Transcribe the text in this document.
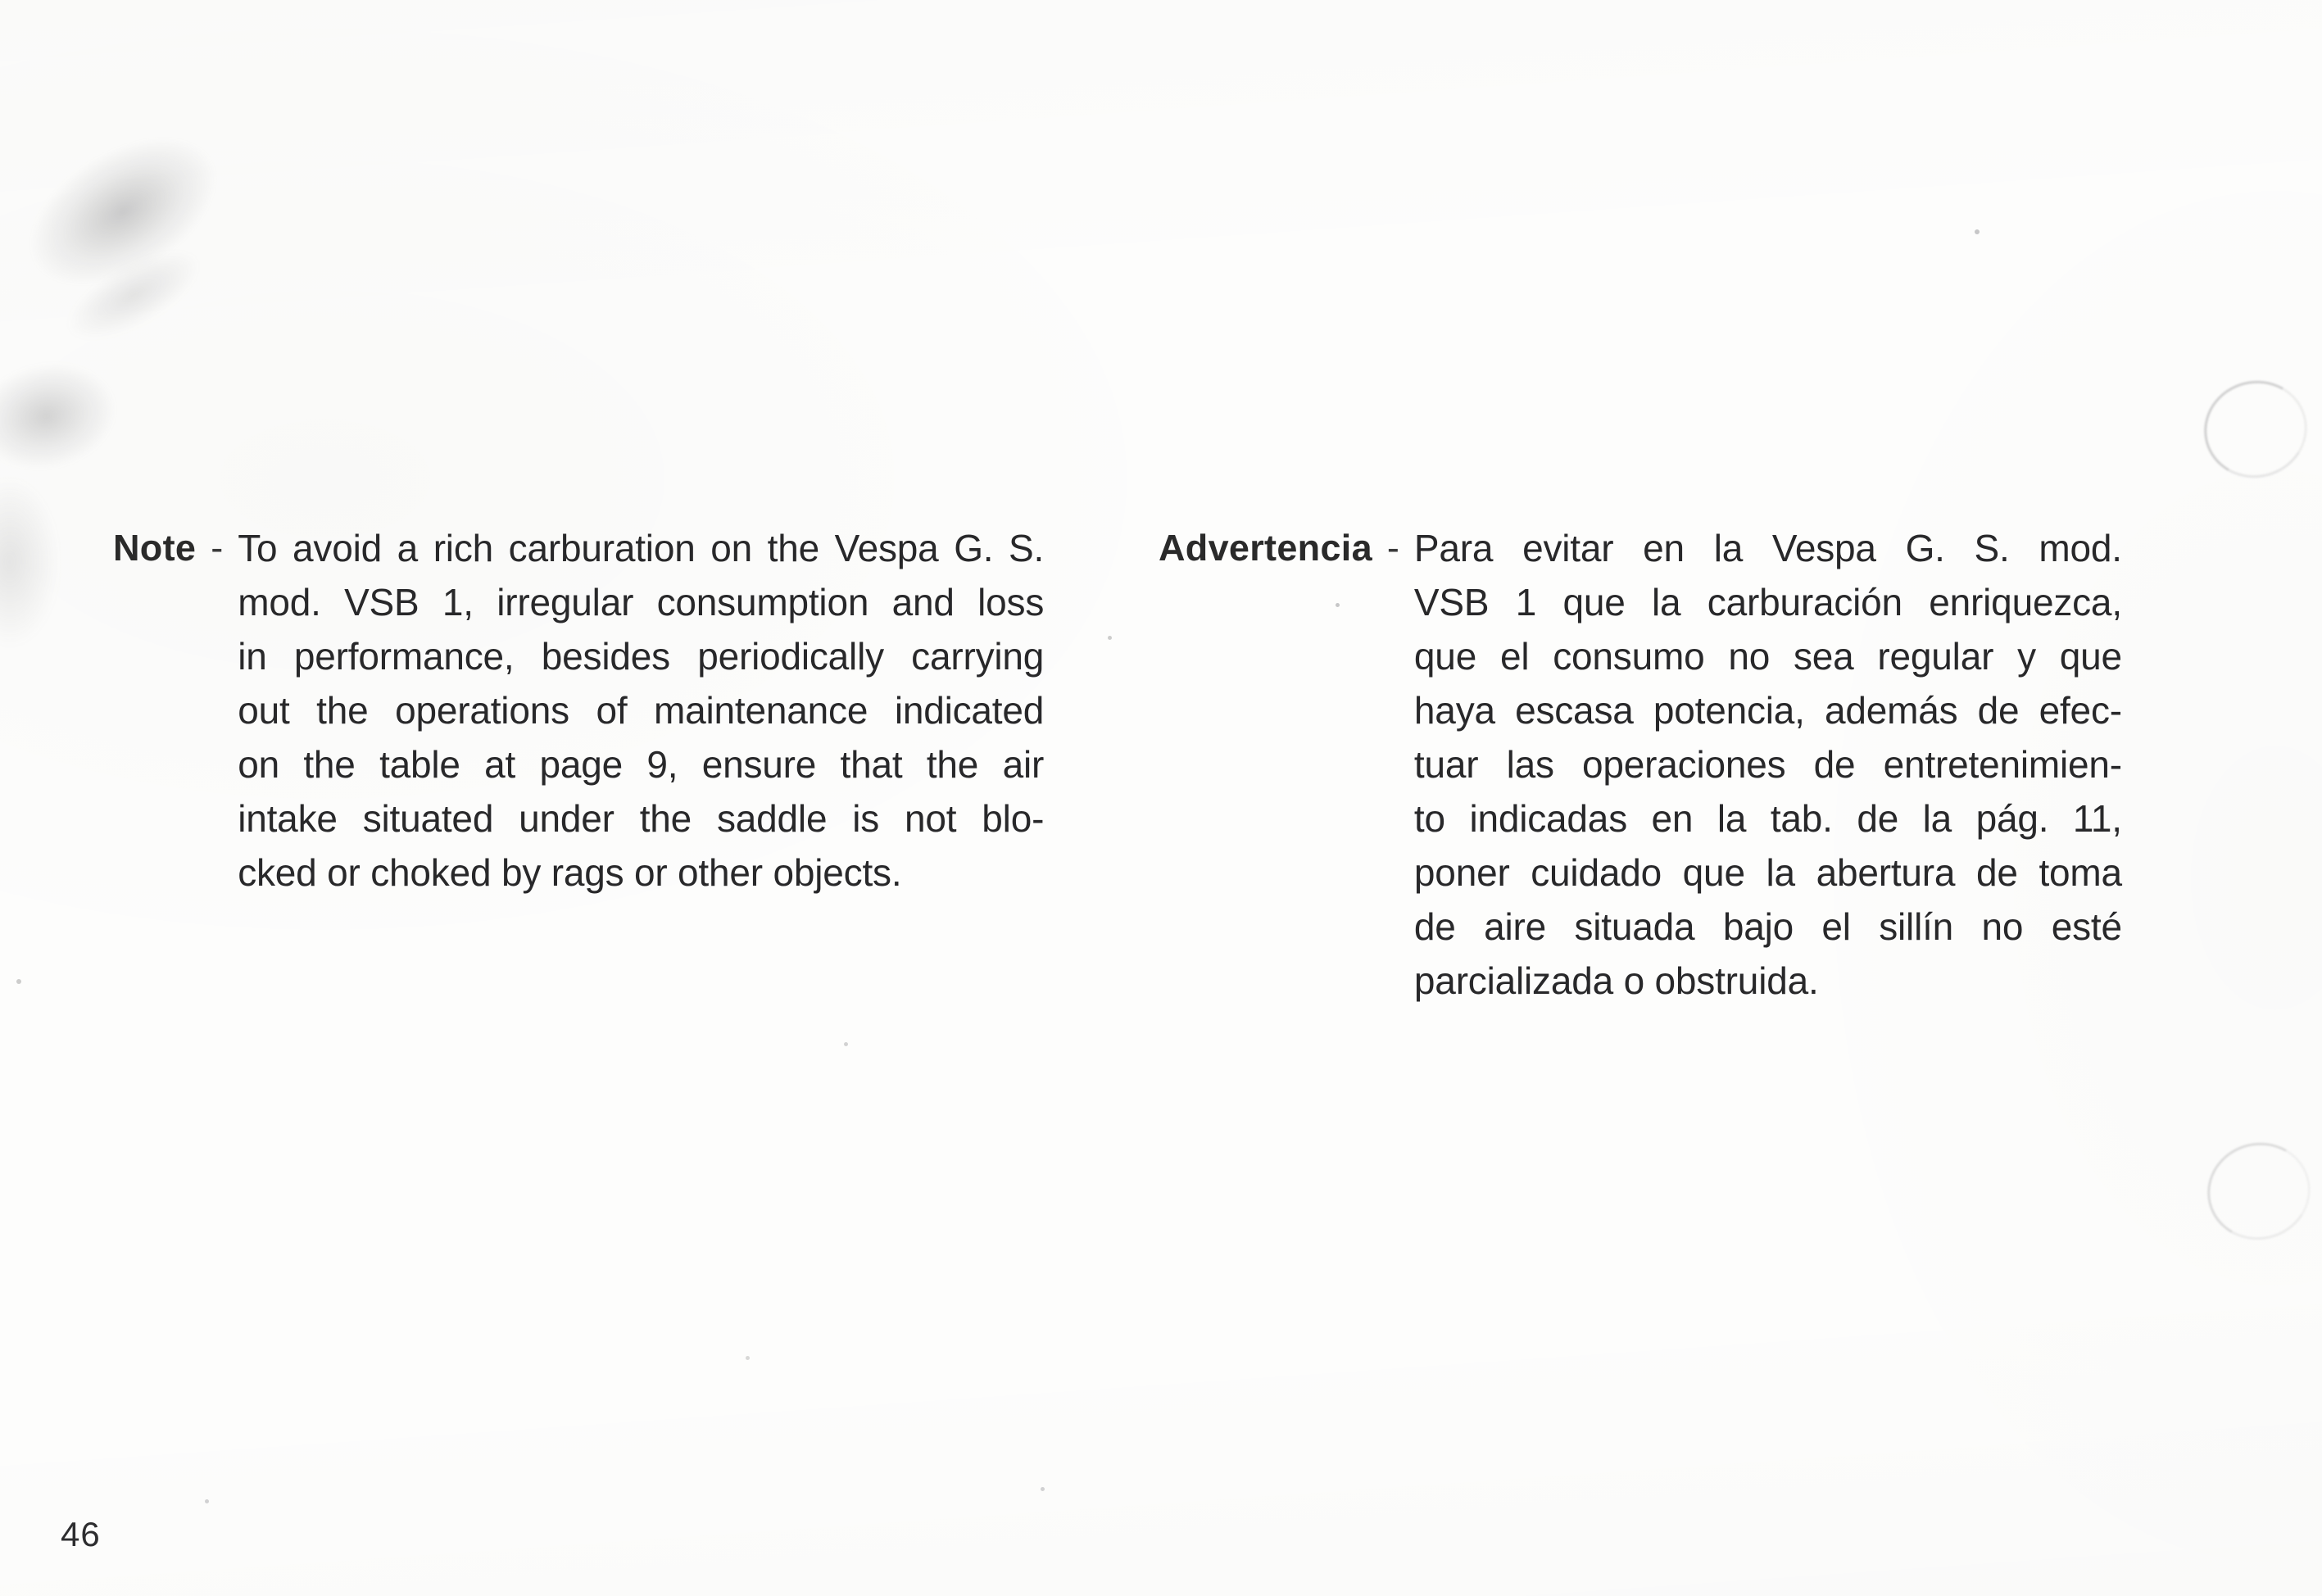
Note - To avoid a rich carburation on the Vespa G. S.
mod. VSB 1, irregular consumption and loss
in performance, besides periodically carrying
out the operations of maintenance indicated
on the table at page 9, ensure that the air
intake situated under the saddle is not blo-
cked or choked by rags or other objects.
Advertencia - Para evitar en la Vespa G. S. mod.
VSB 1 que la carburación enriquezca,
que el consumo no sea regular y que
haya escasa potencia, además de efec-
tuar las operaciones de entretenimien-
to indicadas en la tab. de la pág. 11,
poner cuidado que la abertura de toma
de aire situada bajo el sillín no esté
parcializada o obstruida.
46
